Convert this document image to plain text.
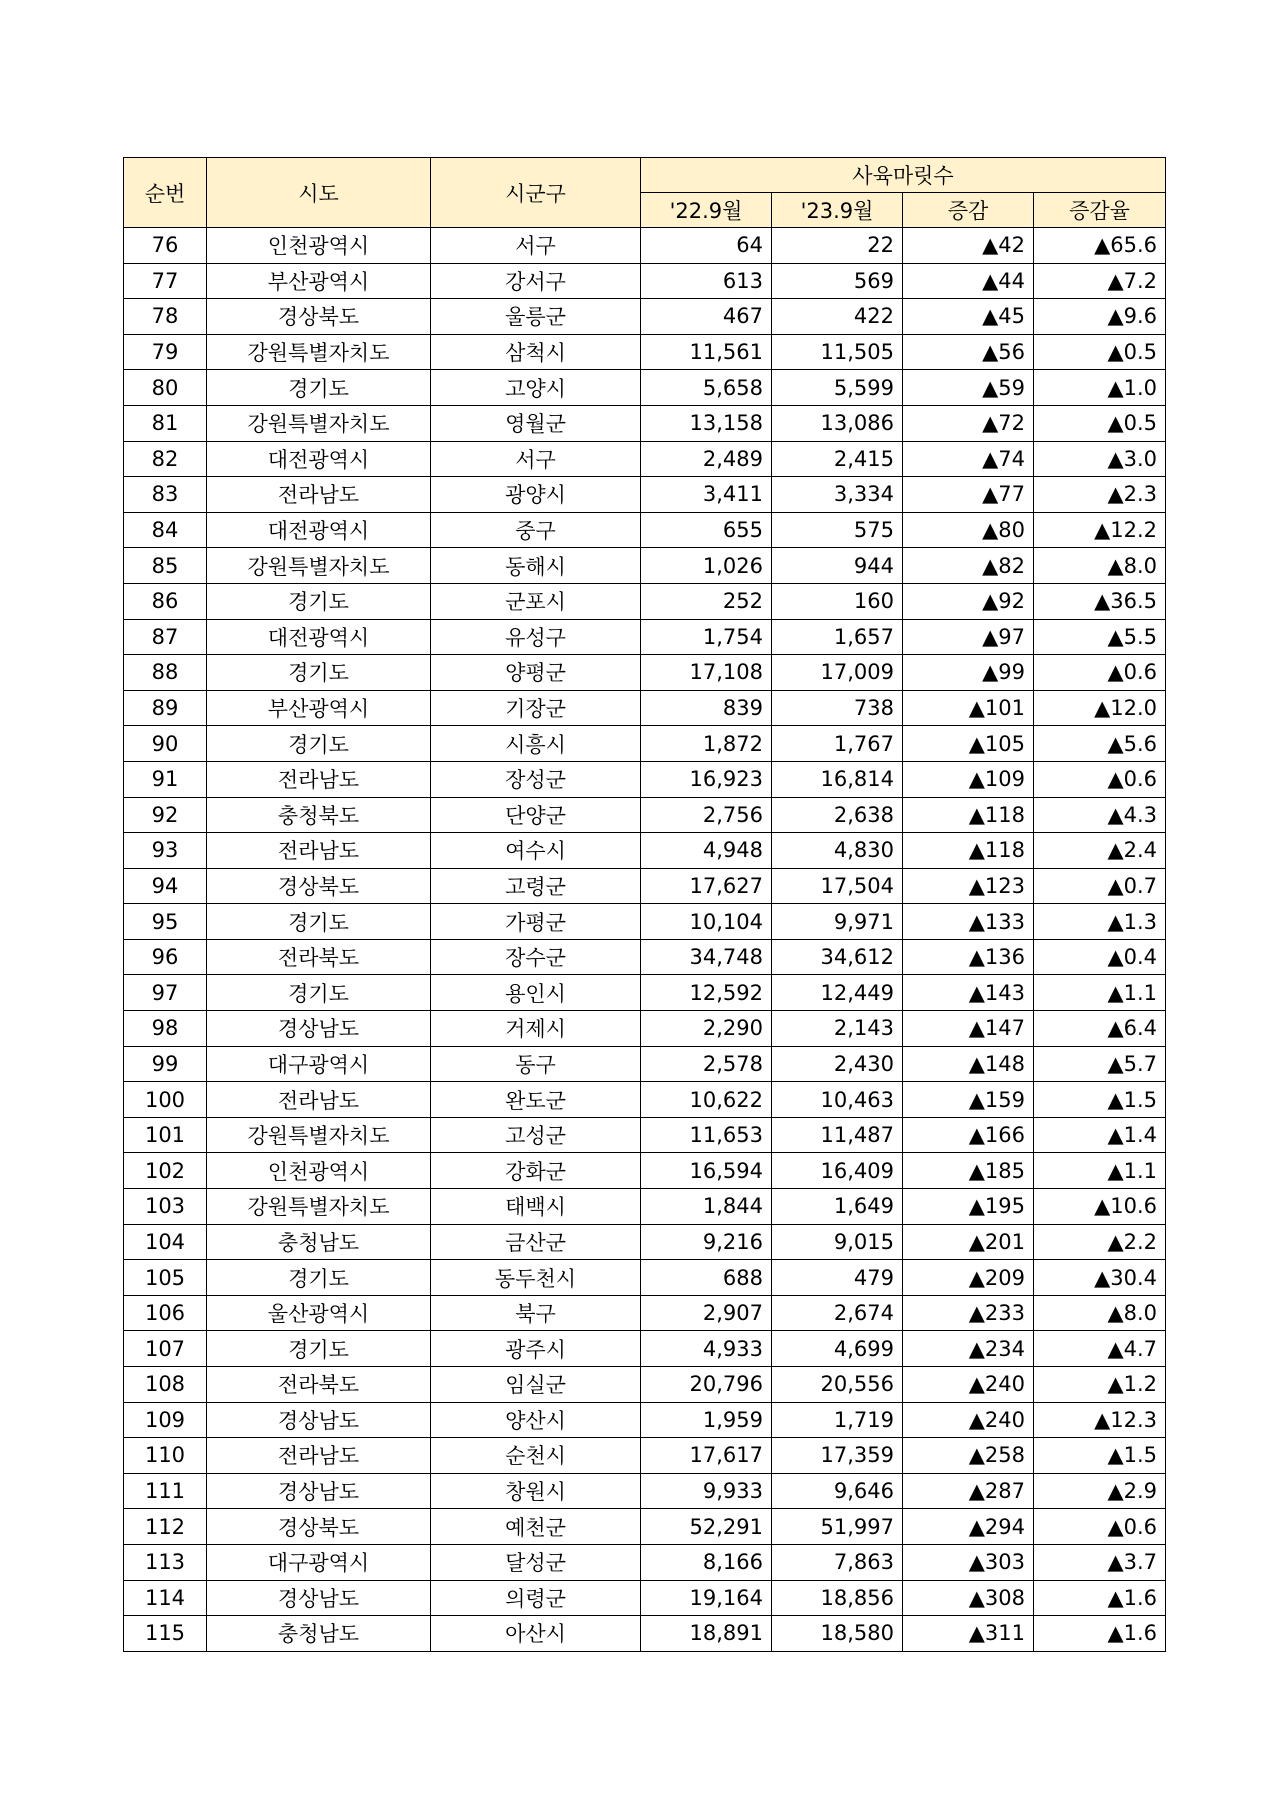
순번	시도	시군구	사육마릿수			
			'22.9월	'23.9월	증감	증감율
76	인천광역시	서구	64	22	▲42	▲65.6
77	부산광역시	강서구	613	569	▲44	▲7.2
78	경상북도	울릉군	467	422	▲45	▲9.6
79	강원특별자치도	삼척시	11,561	11,505	▲56	▲0.5
80	경기도	고양시	5,658	5,599	▲59	▲1.0
81	강원특별자치도	영월군	13,158	13,086	▲72	▲0.5
82	대전광역시	서구	2,489	2,415	▲74	▲3.0
83	전라남도	광양시	3,411	3,334	▲77	▲2.3
84	대전광역시	중구	655	575	▲80	▲12.2
85	강원특별자치도	동해시	1,026	944	▲82	▲8.0
86	경기도	군포시	252	160	▲92	▲36.5
87	대전광역시	유성구	1,754	1,657	▲97	▲5.5
88	경기도	양평군	17,108	17,009	▲99	▲0.6
89	부산광역시	기장군	839	738	▲101	▲12.0
90	경기도	시흥시	1,872	1,767	▲105	▲5.6
91	전라남도	장성군	16,923	16,814	▲109	▲0.6
92	충청북도	단양군	2,756	2,638	▲118	▲4.3
93	전라남도	여수시	4,948	4,830	▲118	▲2.4
94	경상북도	고령군	17,627	17,504	▲123	▲0.7
95	경기도	가평군	10,104	9,971	▲133	▲1.3
96	전라북도	장수군	34,748	34,612	▲136	▲0.4
97	경기도	용인시	12,592	12,449	▲143	▲1.1
98	경상남도	거제시	2,290	2,143	▲147	▲6.4
99	대구광역시	동구	2,578	2,430	▲148	▲5.7
100	전라남도	완도군	10,622	10,463	▲159	▲1.5
101	강원특별자치도	고성군	11,653	11,487	▲166	▲1.4
102	인천광역시	강화군	16,594	16,409	▲185	▲1.1
103	강원특별자치도	태백시	1,844	1,649	▲195	▲10.6
104	충청남도	금산군	9,216	9,015	▲201	▲2.2
105	경기도	동두천시	688	479	▲209	▲30.4
106	울산광역시	북구	2,907	2,674	▲233	▲8.0
107	경기도	광주시	4,933	4,699	▲234	▲4.7
108	전라북도	임실군	20,796	20,556	▲240	▲1.2
109	경상남도	양산시	1,959	1,719	▲240	▲12.3
110	전라남도	순천시	17,617	17,359	▲258	▲1.5
111	경상남도	창원시	9,933	9,646	▲287	▲2.9
112	경상북도	예천군	52,291	51,997	▲294	▲0.6
113	대구광역시	달성군	8,166	7,863	▲303	▲3.7
114	경상남도	의령군	19,164	18,856	▲308	▲1.6
115	충청남도	아산시	18,891	18,580	▲311	▲1.6
